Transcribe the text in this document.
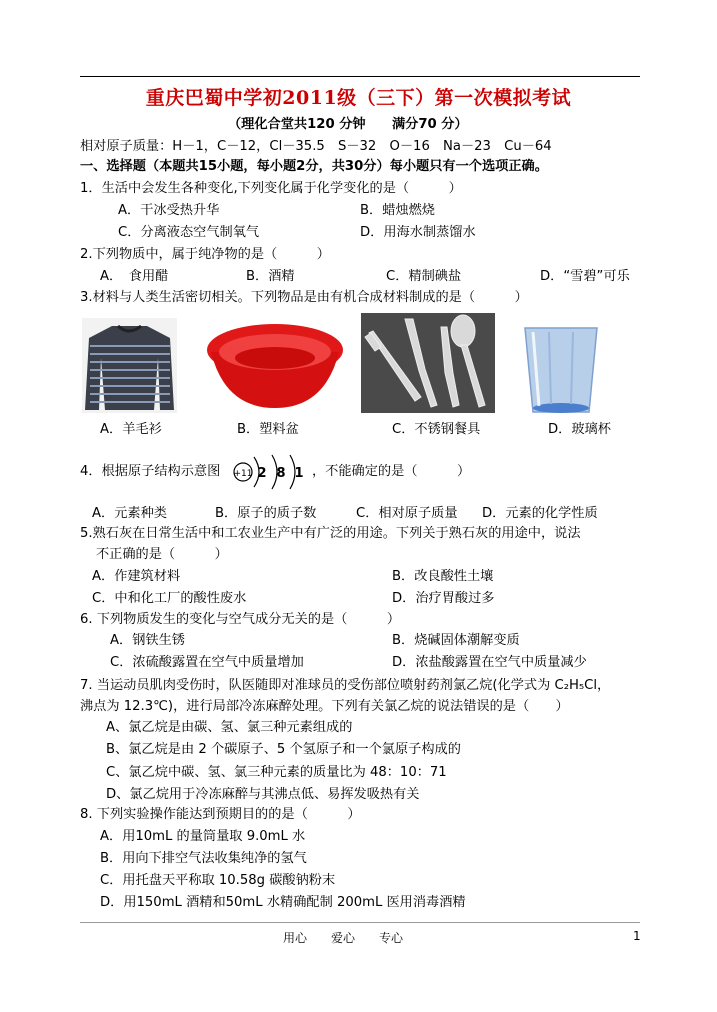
重庆巴蜀中学初2011级（三下）第一次模拟考试
（理化合堂共120 分钟　　满分70 分）
相对原子质量：H－1，C－12，Cl－35.5　S－32　O－16　Na－23　Cu－64
一、选择题（本题共15小题，每小题2分，共30分）每小题只有一个选项正确。
1．生活中会发生各种变化,下列变化属于化学变化的是（　　　）
A．干冰受热升华	B．蜡烛燃烧
C．分离液态空气制氧气	D．用海水制蒸馏水
2.下列物质中，属于纯净物的是（　　　）
A．　食用醋	B．酒精	C．精制碘盐	D．“雪碧”可乐
3.材料与人类生活密切相关。下列物品是由有机合成材料制成的是（　　　）
A．羊毛衫	B．塑料盆	C．不锈钢餐具	D．玻璃杯
4．根据原子结构示意图 +11 2 8 1 ，不能确定的是（　　　）
A．元素种类	B．原子的质子数	C．相对原子质量 D．元素的化学性质
5.熟石灰在日常生活中和工农业生产中有广泛的用途。下列关于熟石灰的用途中，说法
不正确的是（　　　）
A．作建筑材料	B．改良酸性土壤
C．中和化工厂的酸性废水	D．治疗胃酸过多
6. 下列物质发生的变化与空气成分无关的是（　　　）
A．钢铁生锈	B．烧碱固体潮解变质
C．浓硫酸露置在空气中质量增加	D．浓盐酸露置在空气中质量减少
7. 当运动员肌肉受伤时，队医随即对准球员的受伤部位喷射药剂氯乙烷(化学式为 C₂H₅Cl，
沸点为 12.3℃)，进行局部冷冻麻醉处理。下列有关氯乙烷的说法错误的是（　　）
A、氯乙烷是由碳、氢、氯三种元素组成的
B、氯乙烷是由 2 个碳原子、5 个氢原子和一个氯原子构成的
C、氯乙烷中碳、氢、氯三种元素的质量比为 48：10：71
D、氯乙烷用于冷冻麻醉与其沸点低、易挥发吸热有关
8. 下列实验操作能达到预期目的的是（　　　）
A．用10mL 的量筒量取 9.0mL 水
B．用向下排空气法收集纯净的氢气
C．用托盘天平称取 10.58g 碳酸钠粉末
D．用150mL 酒精和50mL 水精确配制 200mL 医用消毒酒精
用心　　爱心　　专心	1
